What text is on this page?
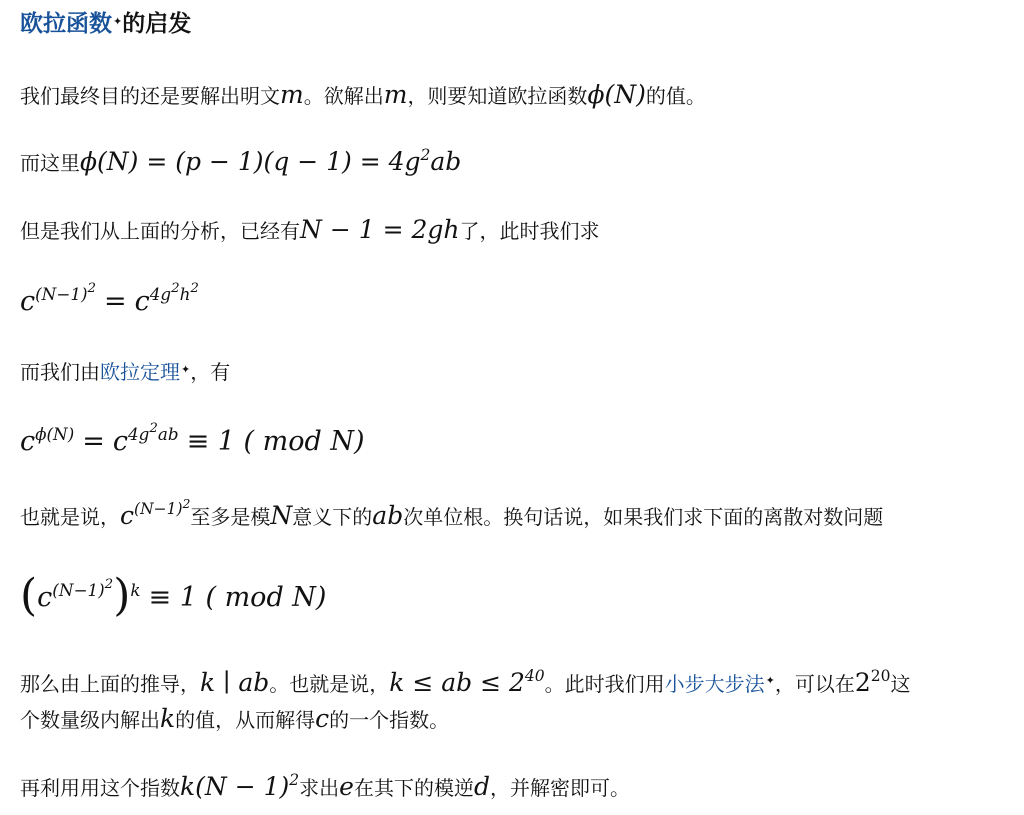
欧拉函数✦的启发
我们最终目的还是要解出明文m。欲解出m，则要知道欧拉函数ϕ(N)的值。
而这里$\phi(N) = (p - 1)(q - 1) = 4g^2ab$
但是我们从上面的分析，已经有N − 1 = 2gh了，此时我们求
$c^{(N-1)^2} = c^{4g^2h^2}$
而我们由欧拉定理✦，有
$c^{\phi(N)} = c^{4g^2ab} \equiv 1$ ( mod N)
也就是说，$c^{(N-1)^2}$至多是模N意义下的ab次单位根。换句话说，如果我们求下面的离散对数问题
$(c^{(N-1)^2})^k \equiv 1$ ( mod N)
那么由上面的推导，k ∣ ab。也就是说，k ≤ ab ≤ $2^{40}$。此时我们用小步大步法✦，可以在$2^{20}$这
个数量级内解出k的值，从而解得c的一个指数。
再利用用这个指数$k(N - 1)^2$求出e在其下的模逆d，并解密即可。
